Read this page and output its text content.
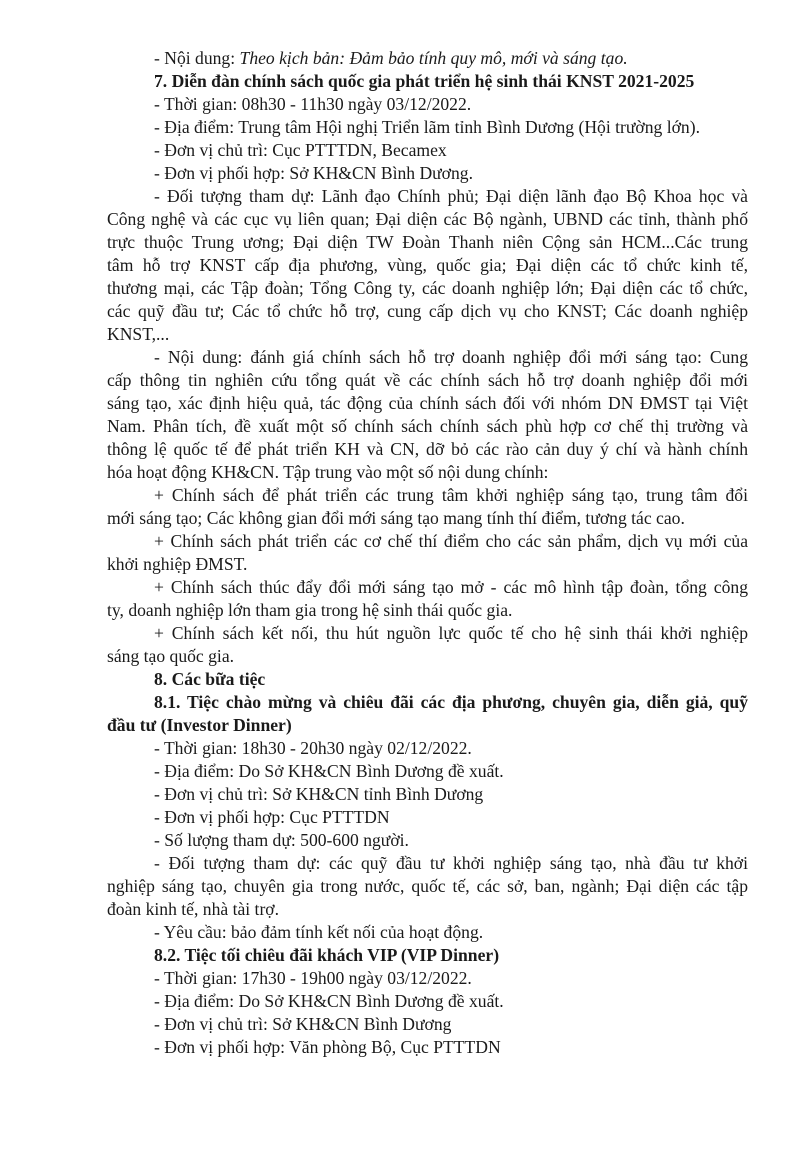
- Nội dung: Theo kịch bản: Đảm bảo tính quy mô, mới và sáng tạo.
7. Diễn đàn chính sách quốc gia phát triển hệ sinh thái KNST 2021-2025
- Thời gian: 08h30 - 11h30 ngày 03/12/2022.
- Địa điểm: Trung tâm Hội nghị Triển lãm tỉnh Bình Dương (Hội trường lớn).
- Đơn vị chủ trì: Cục PTTTDN, Becamex
- Đơn vị phối hợp: Sở KH&CN Bình Dương.
- Đối tượng tham dự: Lãnh đạo Chính phủ; Đại diện lãnh đạo Bộ Khoa học và
Công nghệ và các cục vụ liên quan; Đại diện các Bộ ngành, UBND các tỉnh, thành phố
trực thuộc Trung ương; Đại diện TW Đoàn Thanh niên Cộng sản HCM...Các trung
tâm hỗ trợ KNST cấp địa phương, vùng, quốc gia; Đại diện các tổ chức kinh tế,
thương mại, các Tập đoàn; Tổng Công ty, các doanh nghiệp lớn; Đại diện các tổ chức,
các quỹ đầu tư; Các tổ chức hỗ trợ, cung cấp dịch vụ cho KNST; Các doanh nghiệp
KNST,...
- Nội dung: đánh giá chính sách hỗ trợ doanh nghiệp đổi mới sáng tạo: Cung
cấp thông tin nghiên cứu tổng quát về các chính sách hỗ trợ doanh nghiệp đổi mới
sáng tạo, xác định hiệu quả, tác động của chính sách đối với nhóm DN ĐMST tại Việt
Nam. Phân tích, đề xuất một số chính sách chính sách phù hợp cơ chế thị trường và
thông lệ quốc tế để phát triển KH và CN, dỡ bỏ các rào cản duy ý chí và hành chính
hóa hoạt động KH&CN. Tập trung vào một số nội dung chính:
+ Chính sách để phát triển các trung tâm khởi nghiệp sáng tạo, trung tâm đổi
mới sáng tạo; Các không gian đổi mới sáng tạo mang tính thí điểm, tương tác cao.
+ Chính sách phát triển các cơ chế thí điểm cho các sản phẩm, dịch vụ mới của
khởi nghiệp ĐMST.
+ Chính sách thúc đẩy đổi mới sáng tạo mở - các mô hình tập đoàn, tổng công
ty, doanh nghiệp lớn tham gia trong hệ sinh thái quốc gia.
+ Chính sách kết nối, thu hút nguồn lực quốc tế cho hệ sinh thái khởi nghiệp
sáng tạo quốc gia.
8. Các bữa tiệc
8.1. Tiệc chào mừng và chiêu đãi các địa phương, chuyên gia, diễn giả, quỹ
đầu tư (Investor Dinner)
- Thời gian: 18h30 - 20h30 ngày 02/12/2022.
- Địa điểm: Do Sở KH&CN Bình Dương đề xuất.
- Đơn vị chủ trì: Sở KH&CN tỉnh Bình Dương
- Đơn vị phối hợp: Cục PTTTDN
- Số lượng tham dự: 500-600 người.
- Đối tượng tham dự: các quỹ đầu tư khởi nghiệp sáng tạo, nhà đầu tư khởi
nghiệp sáng tạo, chuyên gia trong nước, quốc tế, các sở, ban, ngành; Đại diện các tập
đoàn kinh tế, nhà tài trợ.
- Yêu cầu: bảo đảm tính kết nối của hoạt động.
8.2. Tiệc tối chiêu đãi khách VIP (VIP Dinner)
- Thời gian: 17h30 - 19h00 ngày 03/12/2022.
- Địa điểm: Do Sở KH&CN Bình Dương đề xuất.
- Đơn vị chủ trì: Sở KH&CN Bình Dương
- Đơn vị phối hợp: Văn phòng Bộ, Cục PTTTDN
